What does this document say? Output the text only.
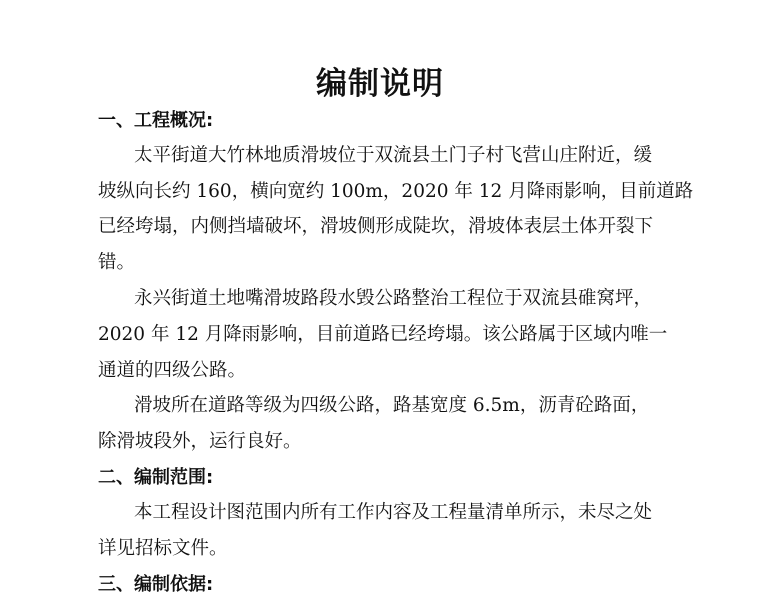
编制说明
一、工程概况:
太平街道大竹林地质滑坡位于双流县土门子村飞营山庄附近，缓
坡纵向长约 160，横向宽约 100m，2020 年 12 月降雨影响，目前道路
已经垮塌，内侧挡墙破坏，滑坡侧形成陡坎，滑坡体表层土体开裂下
错。
永兴街道土地嘴滑坡路段水毁公路整治工程位于双流县碓窝坪，
2020 年 12 月降雨影响，目前道路已经垮塌。该公路属于区域内唯一
通道的四级公路。
滑坡所在道路等级为四级公路，路基宽度 6.5m，沥青砼路面，
除滑坡段外，运行良好。
二、编制范围:
本工程设计图范围内所有工作内容及工程量清单所示，未尽之处
详见招标文件。
三、编制依据:
